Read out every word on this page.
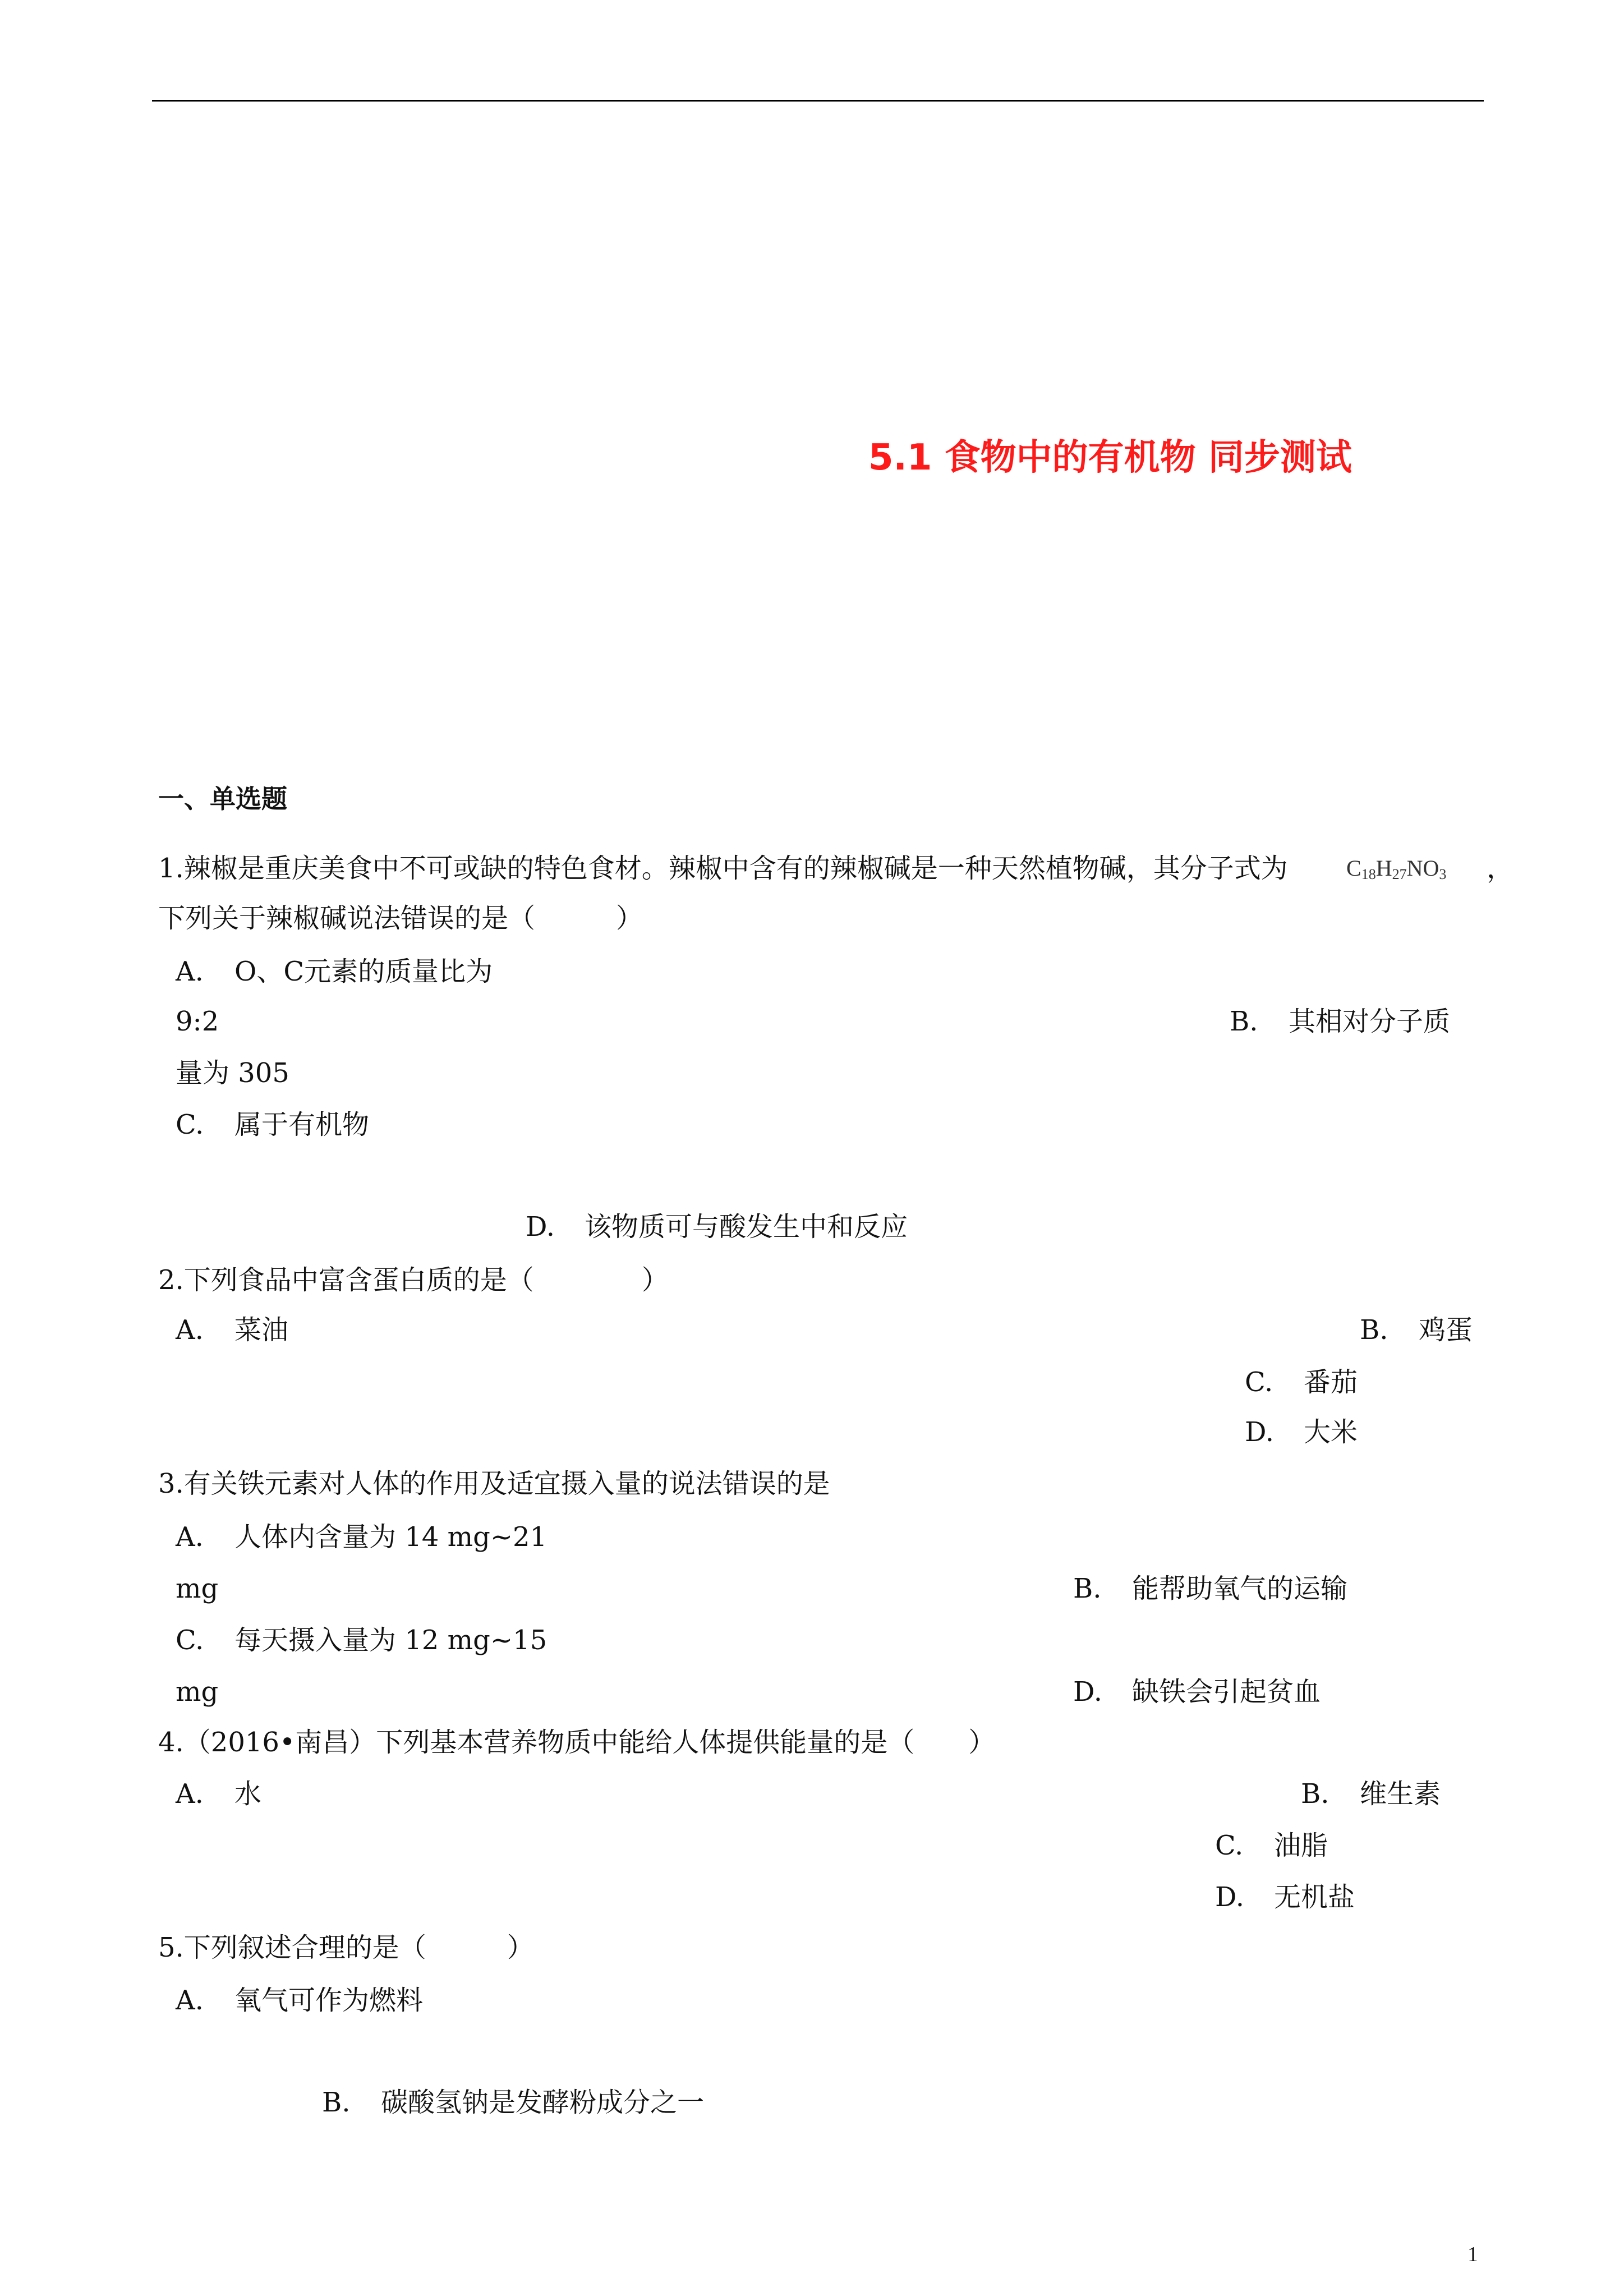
5.1 食物中的有机物 同步测试
一、单选题
1.辣椒是重庆美食中不可或缺的特色食材。辣椒中含有的辣椒碱是一种天然植物碱，其分子式为	$C_{18}H_{27}NO_3$ ，
下列关于辣椒碱说法错误的是（　　　）
A. O、C元素的质量比为
9:2	B. 其相对分子质
量为 305
C. 属于有机物
D. 该物质可与酸发生中和反应
2.下列食品中富含蛋白质的是（　　　　）
A. 菜油	B. 鸡蛋
C. 番茄
D. 大米
3.有关铁元素对人体的作用及适宜摄入量的说法错误的是
A. 人体内含量为 14 mg~21
mg	B. 能帮助氧气的运输
C. 每天摄入量为 12 mg~15
mg	D. 缺铁会引起贫血
4.（2016•南昌）下列基本营养物质中能给人体提供能量的是（　　）
A. 水	B. 维生素
C. 油脂
D. 无机盐
5.下列叙述合理的是（　　　）
A. 氧气可作为燃料
B. 碳酸氢钠是发酵粉成分之一
1
